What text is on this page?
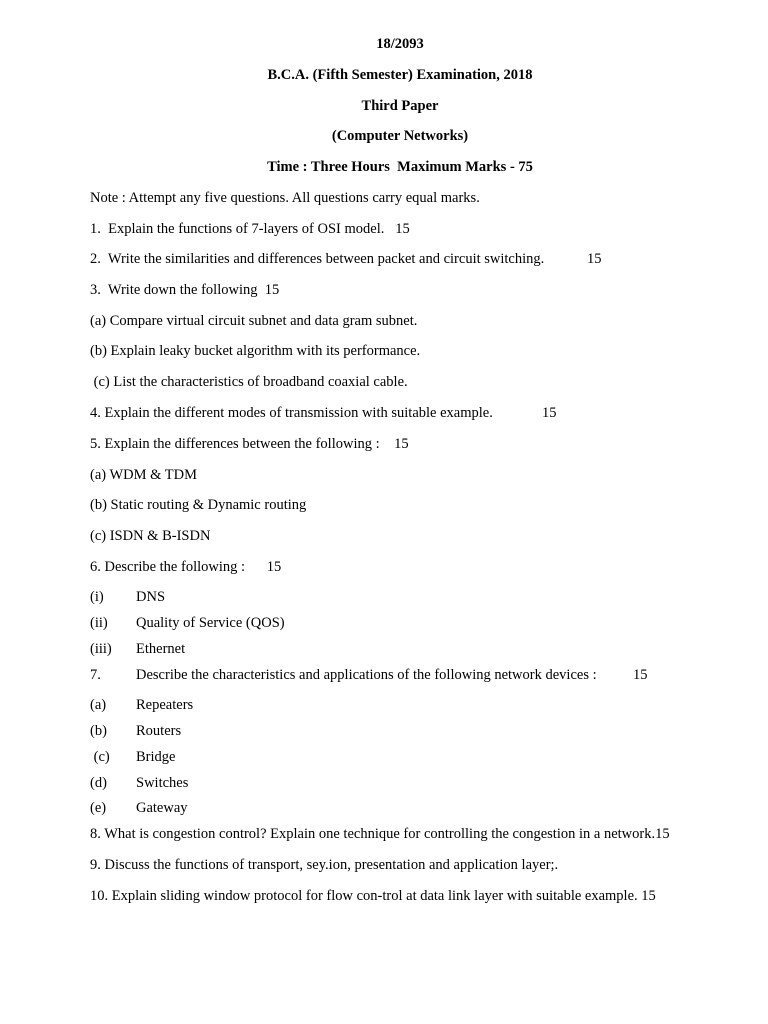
18/2093
B.C.A. (Fifth Semester) Examination, 2018
Third Paper
(Computer Networks)
Time : Three Hours  Maximum Marks - 75
Note : Attempt any five questions. All questions carry equal marks.
1.  Explain the functions of 7-layers of OSI model.   15
2.  Write the similarities and differences between packet and circuit switching.	15
3.  Write down the following  15
(a) Compare virtual circuit subnet and data gram subnet.
(b) Explain leaky bucket algorithm with its performance.
(c) List the characteristics of broadband coaxial cable.
4. Explain the different modes of transmission with suitable example.	15
5. Explain the differences between the following :    15
(a) WDM & TDM
(b) Static routing & Dynamic routing
(c) ISDN & B-ISDN
6. Describe the following :      15
(i) DNS
(ii) Quality of Service (QOS)
(iii) Ethernet
7. Describe the characteristics and applications of the following network devices :	15
(a) Repeaters
(b) Routers
(c) Bridge
(d) Switches
(e) Gateway
8. What is congestion control? Explain one technique for controlling the congestion in a network.15
9. Discuss the functions of transport, sey.ion, presentation and application layer;.
10. Explain sliding window protocol for flow con-trol at data link layer with suitable example. 15
